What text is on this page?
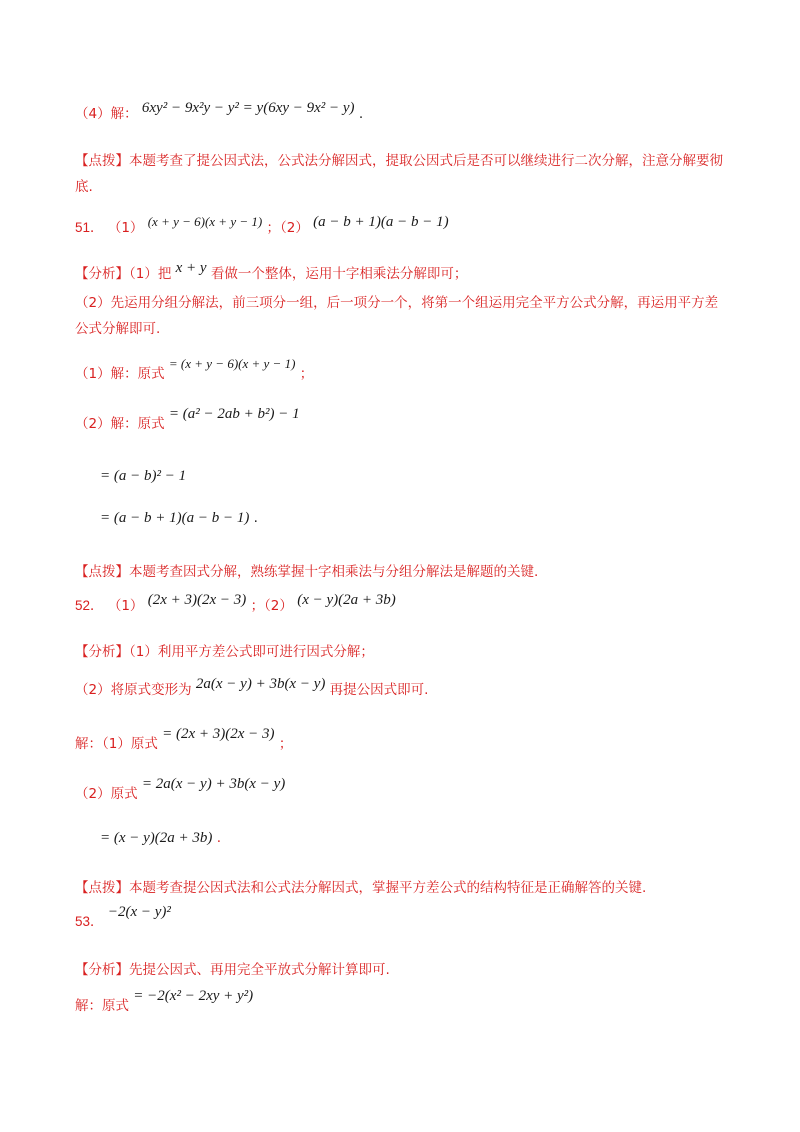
（4）解： 6xy² − 9x²y − y² = y(6xy − 9x² − y) .
【点拨】本题考查了提公因式法，公式法分解因式，提取公因式后是否可以继续进行二次分解，注意分解要彻底.
51． （1） (x + y − 6)(x + y − 1) ；（2） (a − b + 1)(a − b − 1)
【分析】（1）把 x + y 看做一个整体，运用十字相乘法分解即可；
（2）先运用分组分解法，前三项分一组，后一项分一个，将第一个组运用完全平方公式分解，再运用平方差公式分解即可.
（1）解：原式 = (x + y − 6)(x + y − 1) ；
（2）解：原式 = (a² − 2ab + b²) − 1
= (a − b)² − 1
= (a − b + 1)(a − b − 1) .
【点拨】本题考查因式分解，熟练掌握十字相乘法与分组分解法是解题的关键.
52． （1） (2x + 3)(2x − 3) ；（2） (x − y)(2a + 3b)
【分析】（1）利用平方差公式即可进行因式分解；
（2）将原式变形为 2a(x − y) + 3b(x − y) 再提公因式即可.
解：（1）原式 = (2x + 3)(2x − 3) ；
（2）原式 = 2a(x − y) + 3b(x − y)
= (x − y)(2a + 3b) .
【点拨】本题考查提公因式法和公式法分解因式，掌握平方差公式的结构特征是正确解答的关键.
53． −2(x − y)²
【分析】先提公因式、再用完全平放式分解计算即可.
解：原式 = −2(x² − 2xy + y²)
